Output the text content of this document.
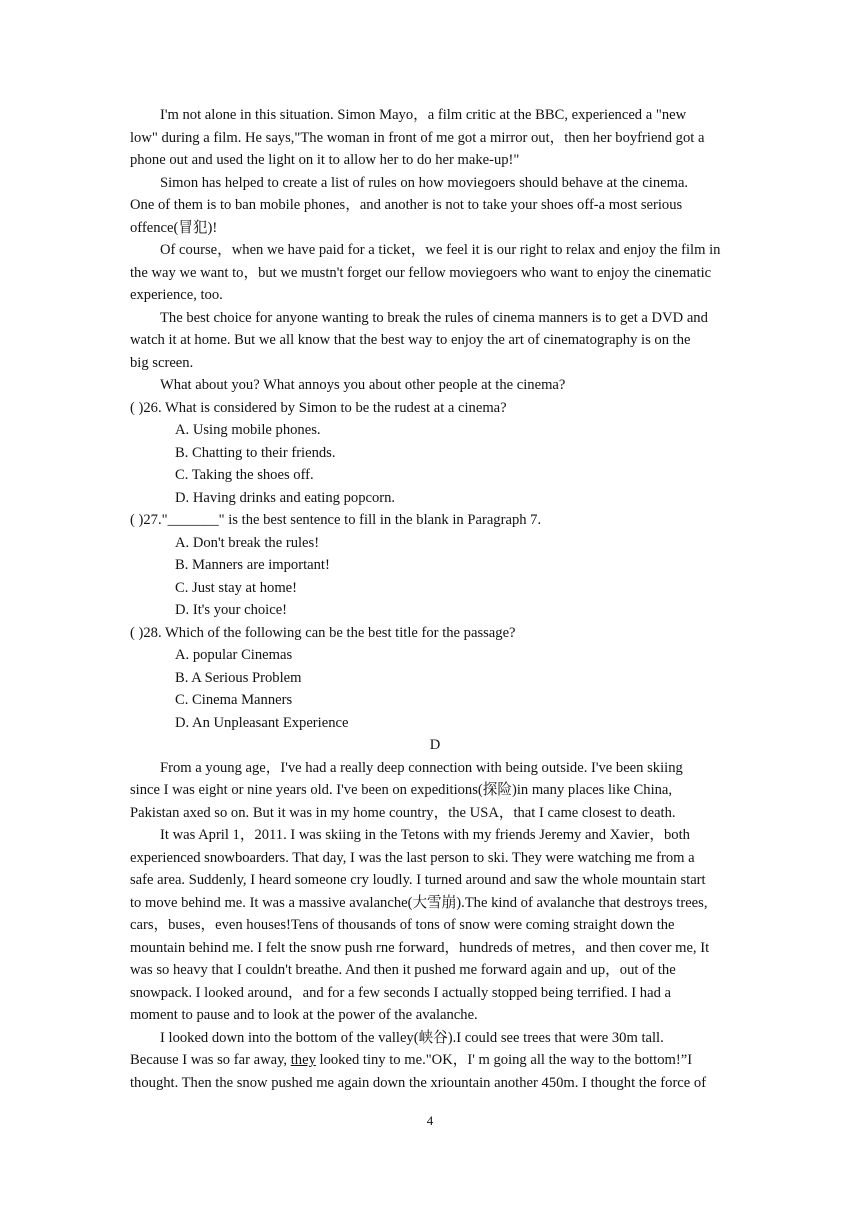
I'm not alone in this situation. Simon Mayo，a film critic at the BBC, experienced a "new
low" during a film. He says,"The woman in front of me got a mirror out，then her boyfriend got a
phone out and used the light on it to allow her to do her make-up!"
Simon has helped to create a list of rules on how moviegoers should behave at the cinema.
One of them is to ban mobile phones，and another is not to take your shoes off-a most serious
offence(冒犯)!
Of course，when we have paid for a ticket，we feel it is our right to relax and enjoy the film in
the way we want to，but we mustn't forget our fellow moviegoers who want to enjoy the cinematic
experience, too.
The best choice for anyone wanting to break the rules of cinema manners is to get a DVD and
watch it at home. But we all know that the best way to enjoy the art of cinematography is on the
big screen.
What about you? What annoys you about other people at the cinema?
( )26. What is considered by Simon to be the rudest at a cinema?
A. Using mobile phones.
B. Chatting to their friends.
C. Taking the shoes off.
D. Having drinks and eating popcorn.
( )27."_______" is the best sentence to fill in the blank in Paragraph 7.
A. Don't break the rules!
B. Manners are important!
C. Just stay at home!
D. It's your choice!
( )28. Which of the following can be the best title for the passage?
A. popular Cinemas
B. A Serious Problem
C. Cinema Manners
D. An Unpleasant Experience
D
From a young age，I've had a really deep connection with being outside. I've been skiing
since I was eight or nine years old. I've been on expeditions(探险)in many places like China,
Pakistan axed so on. But it was in my home country，the USA，that I came closest to death.
It was April 1，2011. I was skiing in the Tetons with my friends Jeremy and Xavier，both
experienced snowboarders. That day, I was the last person to ski. They were watching me from a
safe area. Suddenly, I heard someone cry loudly. I turned around and saw the whole mountain start
to move behind me. It was a massive avalanche(大雪崩).The kind of avalanche that destroys trees,
cars，buses，even houses!Tens of thousands of tons of snow were coming straight down the
mountain behind me. I felt the snow push rne forward，hundreds of metres，and then cover me, It
was so heavy that I couldn't breathe. And then it pushed me forward again and up，out of the
snowpack. I looked around，and for a few seconds I actually stopped being terrified. I had a
moment to pause and to look at the power of the avalanche.
I looked down into the bottom of the valley(峡谷).I could see trees that were 30m tall.
Because I was so far away, they looked tiny to me."OK，I' m going all the way to the bottom!”I
thought. Then the snow pushed me again down the xriountain another 450m. I thought the force of
4
